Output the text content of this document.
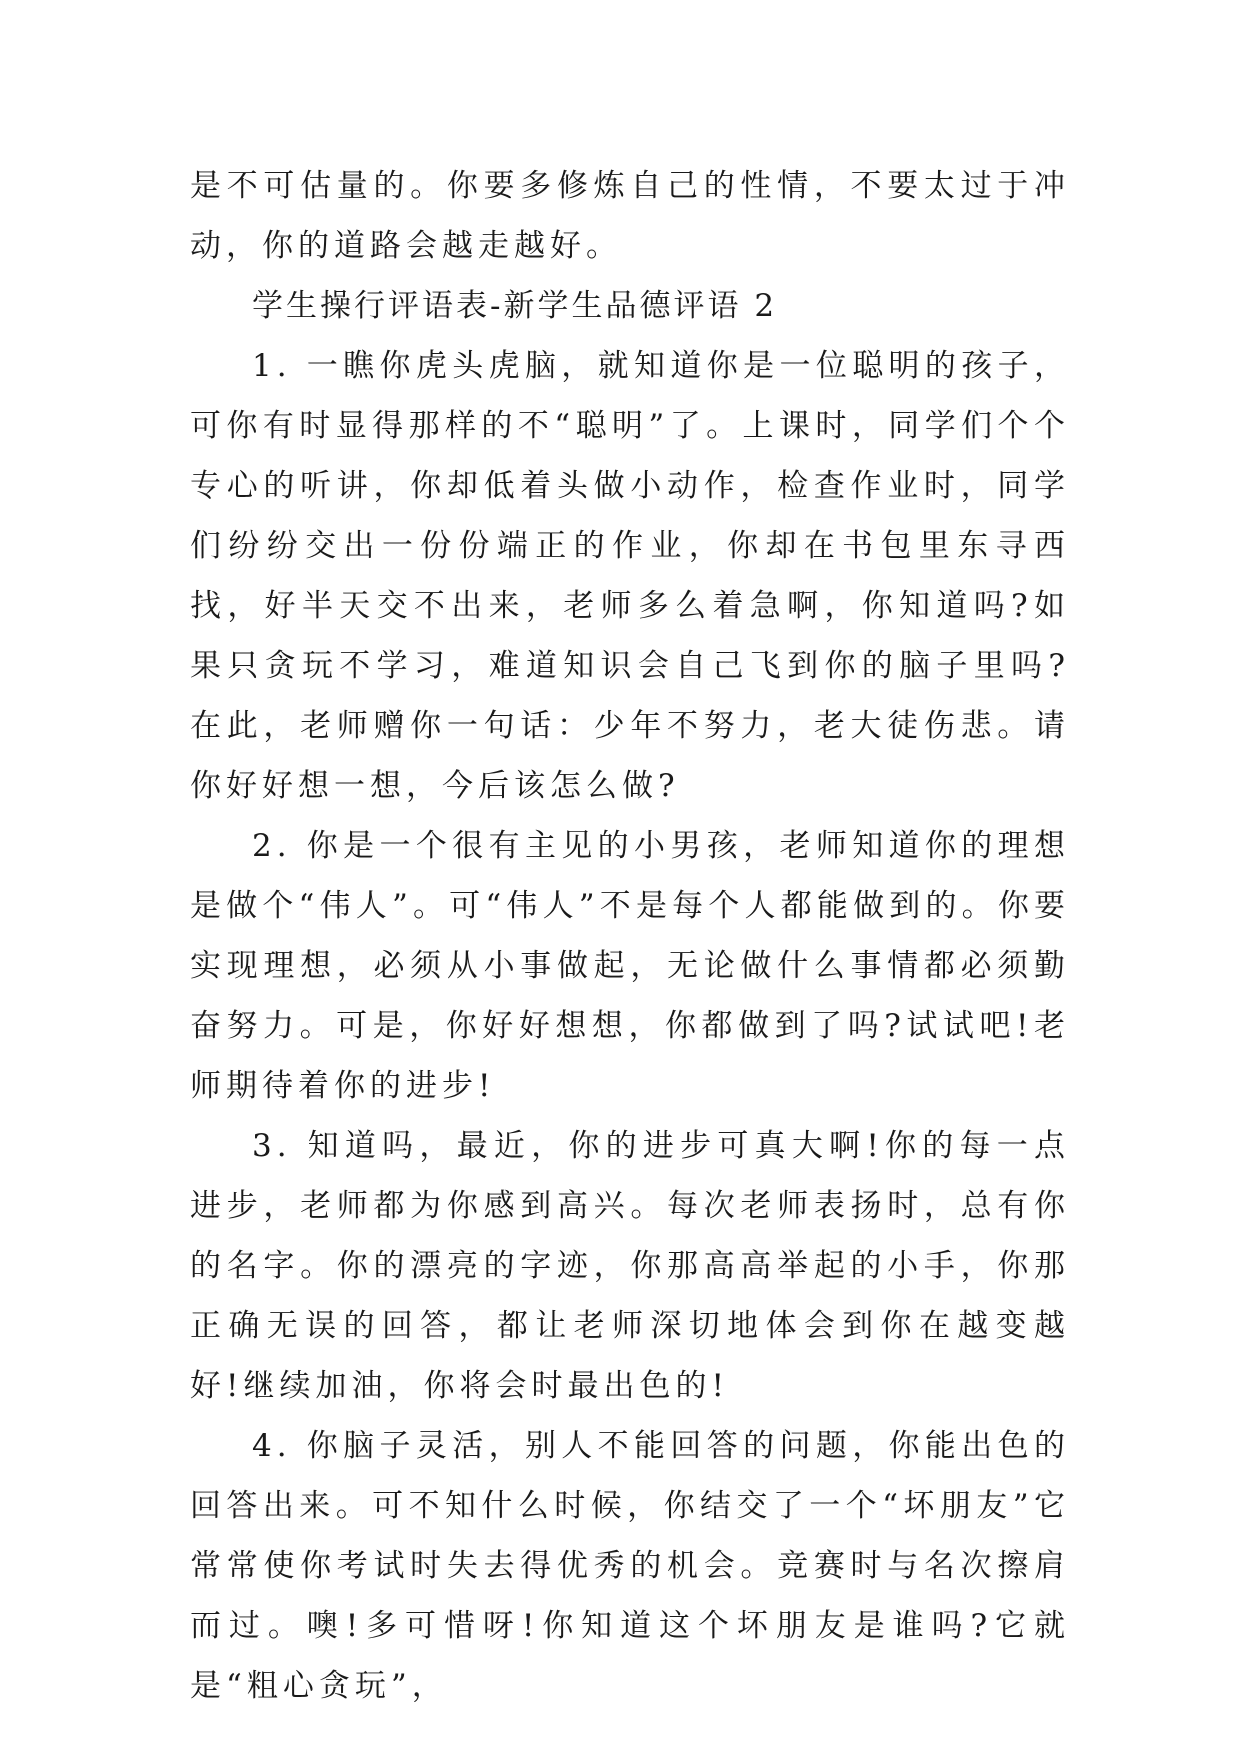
是不可估量的。你要多修炼自己的性情，不要太过于冲动，你的道路会越走越好。

学生操行评语表-新学生品德评语 2

1. 一瞧你虎头虎脑，就知道你是一位聪明的孩子，可你有时显得那样的不“聪明”了。上课时，同学们个个专心的听讲，你却低着头做小动作，检查作业时，同学们纷纷交出一份份端正的作业，你却在书包里东寻西找，好半天交不出来，老师多么着急啊，你知道吗?如果只贪玩不学习，难道知识会自己飞到你的脑子里吗?在此，老师赠你一句话：少年不努力，老大徒伤悲。请你好好想一想，今后该怎么做?

2. 你是一个很有主见的小男孩，老师知道你的理想是做个“伟人”。可“伟人”不是每个人都能做到的。你要实现理想，必须从小事做起，无论做什么事情都必须勤奋努力。可是，你好好想想，你都做到了吗?试试吧!老师期待着你的进步!

3. 知道吗，最近，你的进步可真大啊!你的每一点进步，老师都为你感到高兴。每次老师表扬时，总有你的名字。你的漂亮的字迹，你那高高举起的小手，你那正确无误的回答，都让老师深切地体会到你在越变越好!继续加油，你将会时最出色的!

4. 你脑子灵活，别人不能回答的问题，你能出色的回答出来。可不知什么时候，你结交了一个“坏朋友”它常常使你考试时失去得优秀的机会。竞赛时与名次擦肩而过。噢!多可惜呀!你知道这个坏朋友是谁吗?它就是“粗心贪玩”，
